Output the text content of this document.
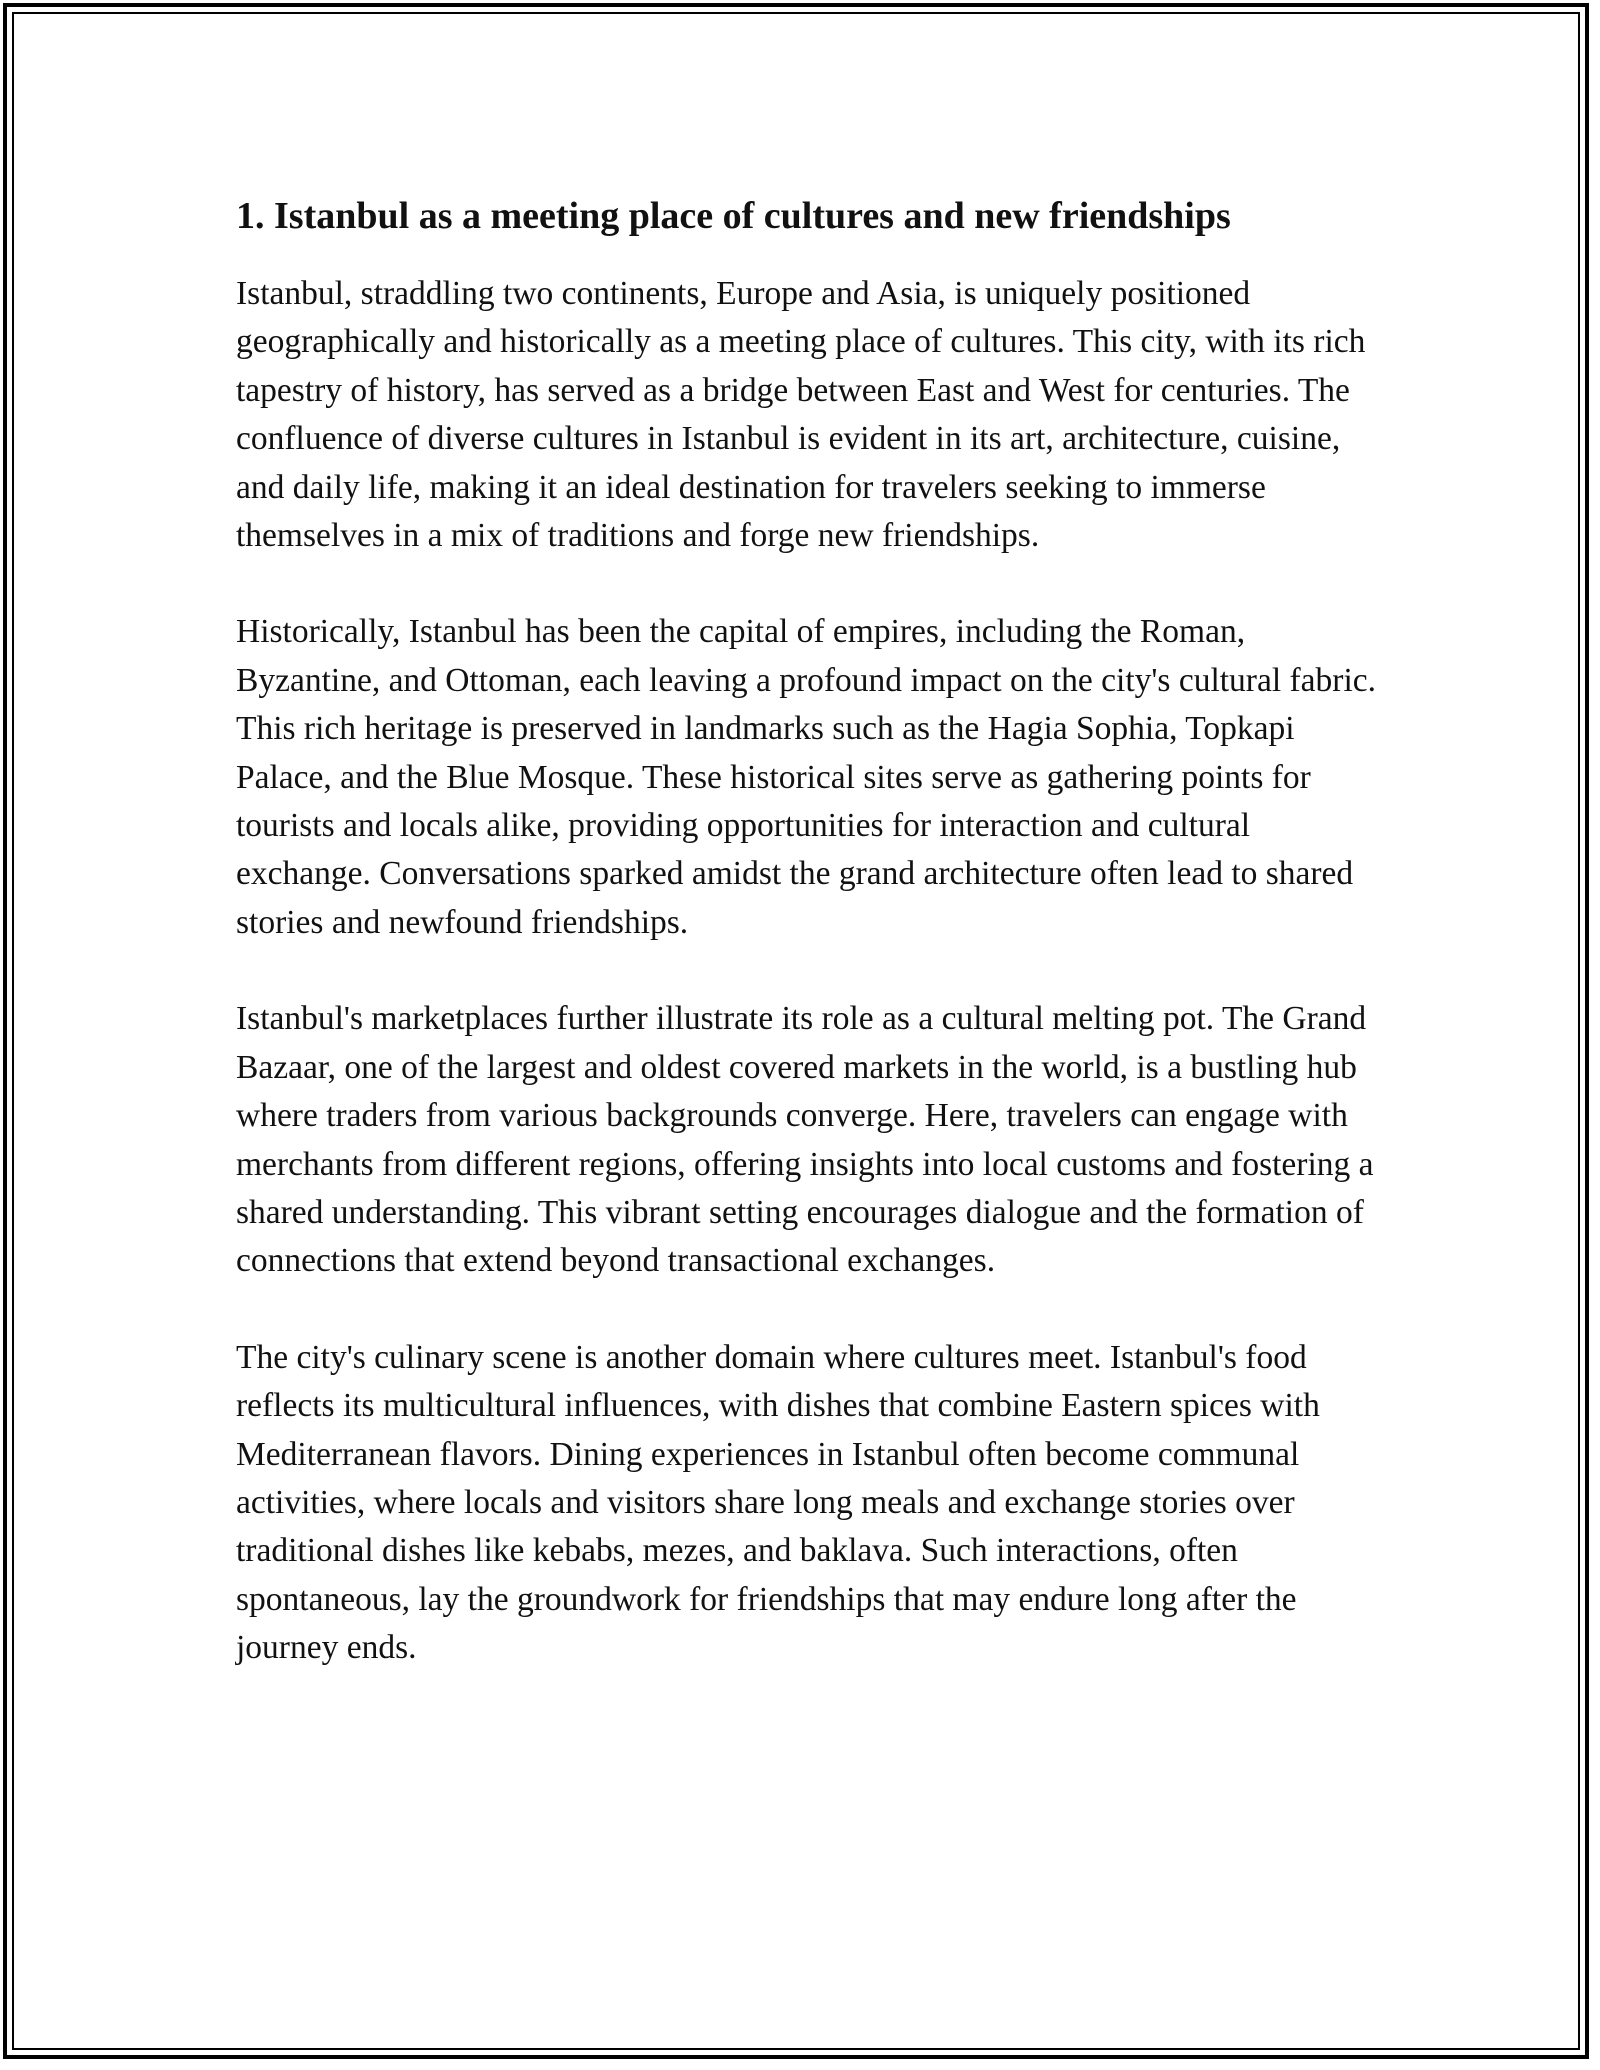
1. Istanbul as a meeting place of cultures and new friendships

Istanbul, straddling two continents, Europe and Asia, is uniquely positioned geographically and historically as a meeting place of cultures. This city, with its rich tapestry of history, has served as a bridge between East and West for centuries. The confluence of diverse cultures in Istanbul is evident in its art, architecture, cuisine, and daily life, making it an ideal destination for travelers seeking to immerse themselves in a mix of traditions and forge new friendships.

Historically, Istanbul has been the capital of empires, including the Roman, Byzantine, and Ottoman, each leaving a profound impact on the city's cultural fabric. This rich heritage is preserved in landmarks such as the Hagia Sophia, Topkapi Palace, and the Blue Mosque. These historical sites serve as gathering points for tourists and locals alike, providing opportunities for interaction and cultural exchange. Conversations sparked amidst the grand architecture often lead to shared stories and newfound friendships.

Istanbul's marketplaces further illustrate its role as a cultural melting pot. The Grand Bazaar, one of the largest and oldest covered markets in the world, is a bustling hub where traders from various backgrounds converge. Here, travelers can engage with merchants from different regions, offering insights into local customs and fostering a shared understanding. This vibrant setting encourages dialogue and the formation of connections that extend beyond transactional exchanges.

The city's culinary scene is another domain where cultures meet. Istanbul's food reflects its multicultural influences, with dishes that combine Eastern spices with Mediterranean flavors. Dining experiences in Istanbul often become communal activities, where locals and visitors share long meals and exchange stories over traditional dishes like kebabs, mezes, and baklava. Such interactions, often spontaneous, lay the groundwork for friendships that may endure long after the journey ends.
